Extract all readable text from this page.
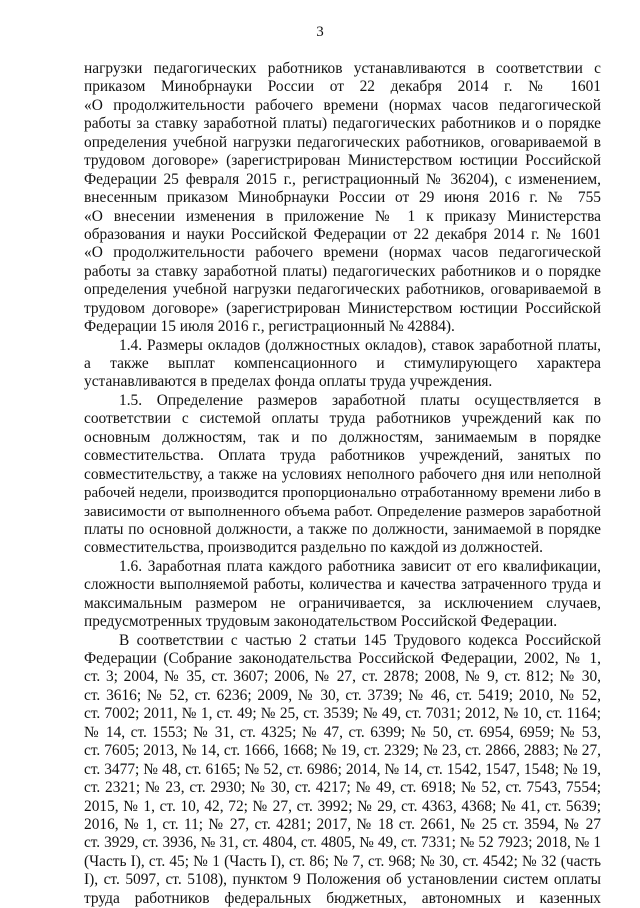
3
нагрузки педагогических работников устанавливаются в соответствии с
приказом Минобрнауки России от 22 декабря 2014 г. № 1601
«О продолжительности рабочего времени (нормах часов педагогической
работы за ставку заработной платы) педагогических работников и о порядке
определения учебной нагрузки педагогических работников, оговариваемой в
трудовом договоре» (зарегистрирован Министерством юстиции Российской
Федерации 25 февраля 2015 г., регистрационный № 36204), с изменением,
внесенным приказом Минобрнауки России от 29 июня 2016 г. № 755
«О внесении изменения в приложение № 1 к приказу Министерства
образования и науки Российской Федерации от 22 декабря 2014 г. № 1601
«О продолжительности рабочего времени (нормах часов педагогической
работы за ставку заработной платы) педагогических работников и о порядке
определения учебной нагрузки педагогических работников, оговариваемой в
трудовом договоре» (зарегистрирован Министерством юстиции Российской
Федерации 15 июля 2016 г., регистрационный № 42884).
1.4. Размеры окладов (должностных окладов), ставок заработной платы,
а также выплат компенсационного и стимулирующего характера
устанавливаются в пределах фонда оплаты труда учреждения.
1.5. Определение размеров заработной платы осуществляется в
соответствии с системой оплаты труда работников учреждений как по
основным должностям, так и по должностям, занимаемым в порядке
совместительства. Оплата труда работников учреждений, занятых по
совместительству, а также на условиях неполного рабочего дня или неполной
рабочей недели, производится пропорционально отработанному времени либо в
зависимости от выполненного объема работ. Определение размеров заработной
платы по основной должности, а также по должности, занимаемой в порядке
совместительства, производится раздельно по каждой из должностей.
1.6. Заработная плата каждого работника зависит от его квалификации,
сложности выполняемой работы, количества и качества затраченного труда и
максимальным размером не ограничивается, за исключением случаев,
предусмотренных трудовым законодательством Российской Федерации.
В соответствии с частью 2 статьи 145 Трудового кодекса Российской
Федерации (Собрание законодательства Российской Федерации, 2002, № 1,
ст. 3; 2004, № 35, ст. 3607; 2006, № 27, ст. 2878; 2008, № 9, ст. 812; № 30,
ст. 3616; № 52, ст. 6236; 2009, № 30, ст. 3739; № 46, ст. 5419; 2010, № 52,
ст. 7002; 2011, № 1, ст. 49; № 25, ст. 3539; № 49, ст. 7031; 2012, № 10, ст. 1164;
№ 14, ст. 1553; № 31, ст. 4325; № 47, ст. 6399; № 50, ст. 6954, 6959; № 53,
ст. 7605; 2013, № 14, ст. 1666, 1668; № 19, ст. 2329; № 23, ст. 2866, 2883; № 27,
ст. 3477; № 48, ст. 6165; № 52, ст. 6986; 2014, № 14, ст. 1542, 1547, 1548; № 19,
ст. 2321; № 23, ст. 2930; № 30, ст. 4217; № 49, ст. 6918; № 52, ст. 7543, 7554;
2015, № 1, ст. 10, 42, 72; № 27, ст. 3992; № 29, ст. 4363, 4368; № 41, ст. 5639;
2016, № 1, ст. 11; № 27, ст. 4281; 2017, № 18 ст. 2661, № 25 ст. 3594, № 27
ст. 3929, ст. 3936, № 31, ст. 4804, ст. 4805, № 49, ст. 7331; № 52 7923; 2018, № 1
(Часть I), ст. 45; № 1 (Часть I), ст. 86; № 7, ст. 968; № 30, ст. 4542; № 32 (часть
I), ст. 5097, ст. 5108), пунктом 9 Положения об установлении систем оплаты
труда работников федеральных бюджетных, автономных и казенных
